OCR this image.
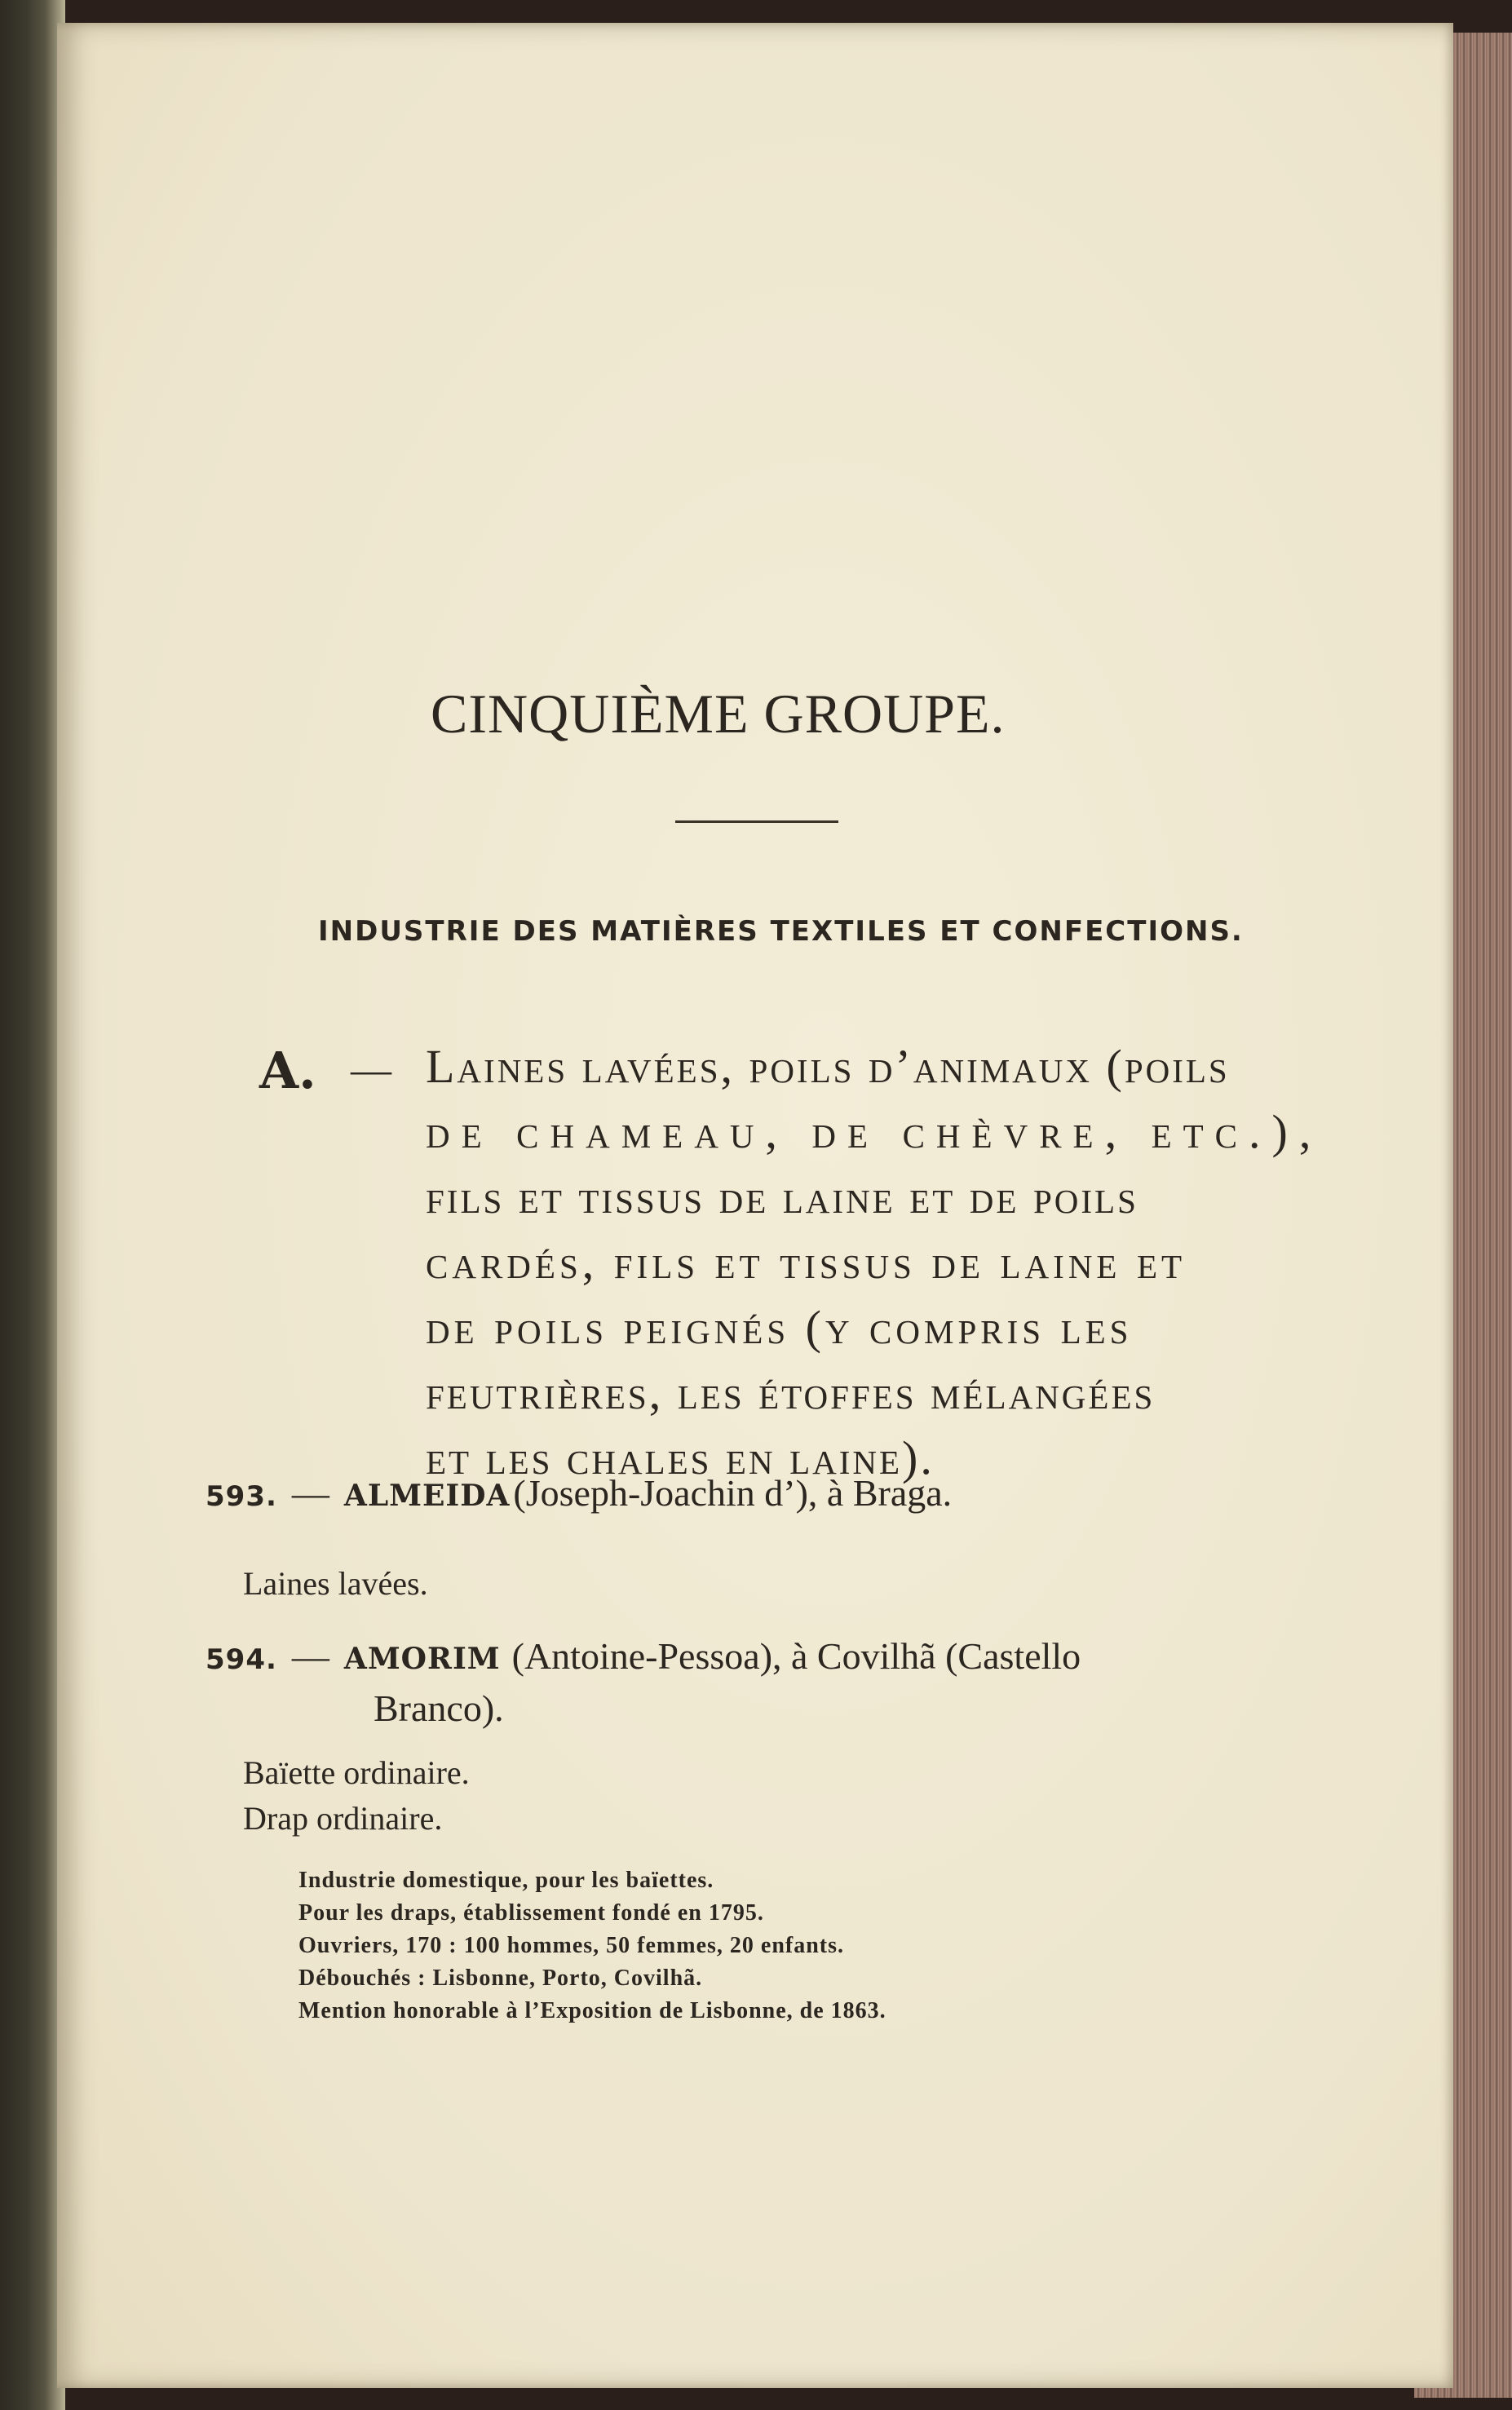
CINQUIÈME GROUPE.
INDUSTRIE DES MATIÈRES TEXTILES ET CONFECTIONS.
A. — Laines lavées, poils d’animaux (poils
de chameau, de chèvre, etc.),
fils et tissus de laine et de poils
cardés, fils et tissus de laine et
de poils peignés (y compris les
feutrières, les étoffes mélangées
et les chales en laine).
593. — ALMEIDA (Joseph-Joachin d’), à Braga.
Laines lavées.
594. — AMORIM (Antoine-Pessoa), à Covilhã (Castello
Branco).
Baïette ordinaire.
Drap ordinaire.
Industrie domestique, pour les baïettes.
Pour les draps, établissement fondé en 1795.
Ouvriers, 170 : 100 hommes, 50 femmes, 20 enfants.
Débouchés : Lisbonne, Porto, Covilhã.
Mention honorable à l’Exposition de Lisbonne, de 1863.
